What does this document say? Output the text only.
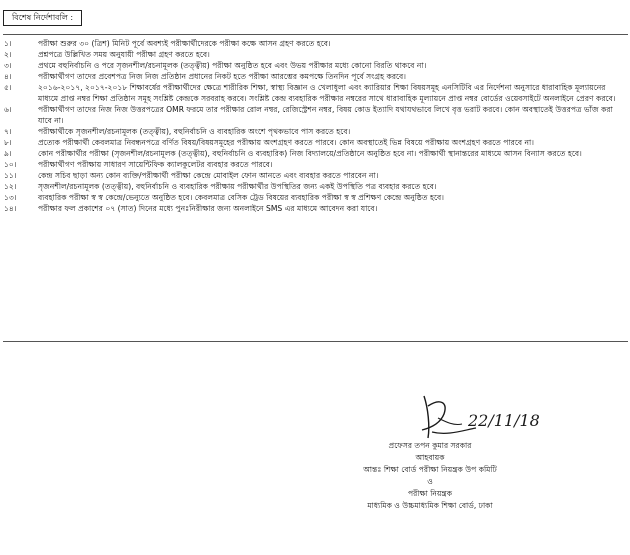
বিশেষ নির্দেশাবলি :
১।	পরীক্ষা শুরুর ৩০ (ত্রিশ) মিনিট পূর্বে অবশ্যই পরীক্ষার্থীদেরকে পরীক্ষা কক্ষে আসন গ্রহণ করতে হবে।
২।	প্রশ্নপত্রে উল্লিখিত সময় অনুযায়ী পরীক্ষা গ্রহণ করতে হবে।
৩।	প্রথমে বহুনির্বাচনি ও পরে সৃজনশীল/রচনামূলক (তত্ত্বীয়) পরীক্ষা অনুষ্ঠিত হবে এবং উভয় পরীক্ষার মধ্যে কোনো বিরতি থাকবে না।
৪।	পরীক্ষার্থীগণ তাদের প্রবেশপত্র নিজ নিজ প্রতিষ্ঠান প্রধানের নিকট হতে পরীক্ষা আরম্ভের কমপক্ষে তিনদিন পূর্বে সংগ্রহ করবে।
৫।	২০১৬-২০১৭, ২০১৭-২০১৮ শিক্ষাবর্ষের পরীক্ষার্থীদের ক্ষেত্রে শারীরিক শিক্ষা, স্বাস্থ্য বিজ্ঞান ও খেলাধুলা এবং ক্যারিয়ার শিক্ষা বিষয়সমূহ এনসিটিবি এর নির্দেশনা অনুসারে ধারাবাহিক মূল্যায়নের মাধ্যমে প্রাপ্ত নম্বর শিক্ষা প্রতিষ্ঠান সমূহ সংশ্লিষ্ট কেন্দ্রকে সরবরাহ করবে। সংশ্লিষ্ট কেন্দ্র ব্যবহারিক পরীক্ষার নম্বরের সাথে ধারাবাহিক মূল্যায়নে প্রাপ্ত নম্বর বোর্ডের ওয়েবসাইটে অনলাইনে প্রেরণ করবে।
৬।	পরীক্ষার্থীগণ তাদের নিজ নিজ উত্তরপত্রের OMR ফরমে তার পরীক্ষার রোল নম্বর, রেজিস্ট্রেশন নম্বর, বিষয় কোড ইত্যাদি যথাযথভাবে লিখে বৃত্ত ভরাট করবে। কোন অবস্থাতেই উত্তরপত্র ভাঁজ করা যাবে না।
৭।	পরীক্ষার্থীকে সৃজনশীল/রচনামূলক (তত্ত্বীয়), বহুনির্বাচনি ও ব্যবহারিক অংশে পৃথকভাবে পাস করতে হবে।
৮।	প্রত্যেক পরীক্ষার্থী কেবলমাত্র নিবন্ধনপত্রে বর্ণিত বিষয়/বিষয়সমূহের পরীক্ষায় অংশগ্রহণ করতে পারবে। কোন অবস্থাতেই ভিন্ন বিষয়ে পরীক্ষায় অংশগ্রহণ করতে পারবে না।
৯।	কোন পরীক্ষার্থীর পরীক্ষা (সৃজনশীল/রচনামূলক (তত্ত্বীয়), বহুনির্বাচনি ও ব্যবহারিক) নিজ বিদ্যালয়ে/প্রতিষ্ঠানে অনুষ্ঠিত হবে না। পরীক্ষার্থী স্থানান্তরের মাধ্যমে আসন বিন্যাস করতে হবে।
১০।	পরীক্ষার্থীগণ পরীক্ষায় সাধারণ সায়েন্টিফিক ক্যালকুলেটর ব্যবহার করতে পারবে।
১১।	কেন্দ্র সচিব ছাড়া অন্য কোন ব্যক্তি/পরীক্ষার্থী পরীক্ষা কেন্দ্রে মোবাইল ফোন আনতে এবং ব্যবহার করতে পারবেন না।
১২।	সৃজনশীল/রচনামূলক (তত্ত্বীয়), বহুনির্বাচনি ও ব্যবহারিক পরীক্ষায় পরীক্ষার্থীর উপস্থিতির জন্য একই উপস্থিতি পত্র ব্যবহার করতে হবে।
১৩।	ব্যবহারিক পরীক্ষা স্ব স্ব কেন্দ্রে/ভেন্যুতে অনুষ্ঠিত হবে। কেবলমাত্র বেসিক ট্রেড বিষয়ের ব্যবহারিক পরীক্ষা স্ব স্ব প্রশিক্ষণ কেন্দ্রে অনুষ্ঠিত হবে।
১৪।	পরীক্ষার ফল প্রকাশের ০৭ (সাত) দিনের মধ্যে পুনঃনিরীক্ষার জন্য অনলাইনে SMS এর মাধ্যমে আবেদন করা যাবে।
22/11/18
প্রফেসর তপন কুমার সরকার
আহবায়ক
আন্তঃ শিক্ষা বোর্ড পরীক্ষা নিয়ন্ত্রক উপ কমিটি
ও
পরীক্ষা নিয়ন্ত্রক
মাধ্যমিক ও উচ্চমাধ্যমিক শিক্ষা বোর্ড, ঢাকা
